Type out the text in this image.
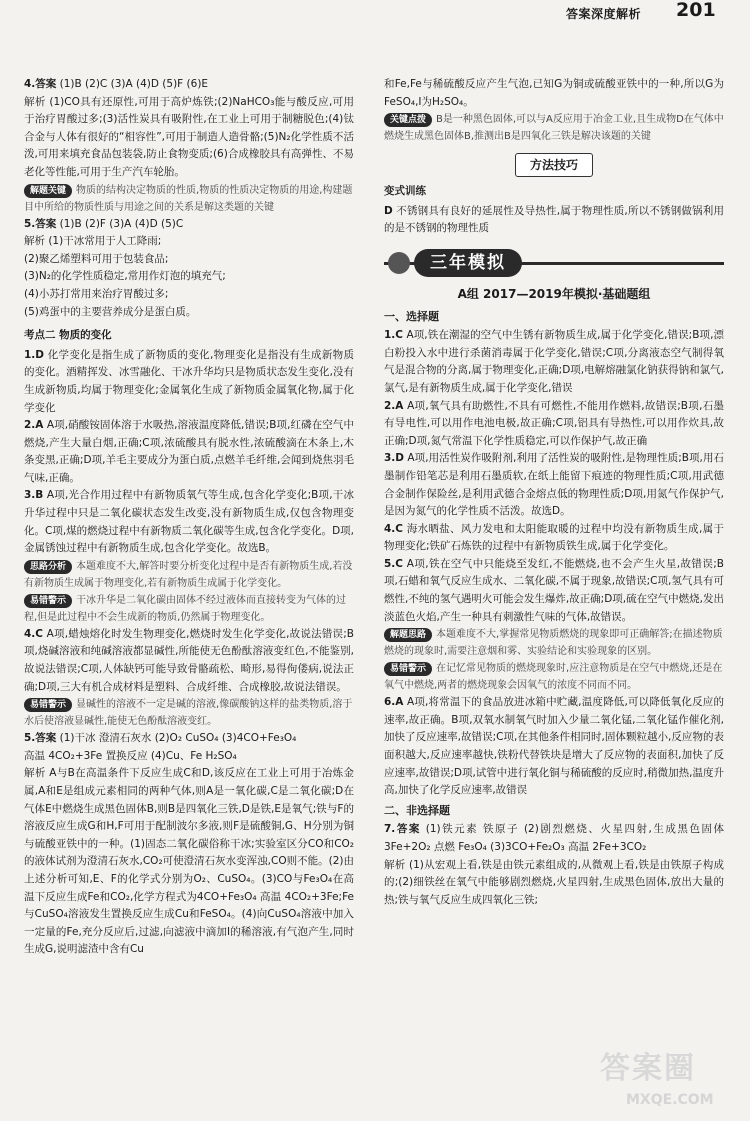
答案深度解析 201

4.答案 (1)B (2)C (3)A (4)D (5)F (6)E

解析 (1)CO具有还原性,可用于高炉炼铁;(2)NaHCO₃能与酸反应,可用于治疗胃酸过多;(3)活性炭具有吸附性,在工业上可用于制糖脱色;(4)钛合金与人体有很好的“相容性”,可用于制造人造骨骼;(5)N₂化学性质不活泼,可用来填充食品包装袋,防止食物变质;(6)合成橡胶具有高弹性、不易老化等性能,可用于生产汽车轮胎。

解题关键 物质的结构决定物质的性质,物质的性质决定物质的用途,构建题目中所给的物质性质与用途之间的关系是解这类题的关键

5.答案 (1)B (2)F (3)A (4)D (5)C

解析 (1)干冰常用于人工降雨;

(2)聚乙烯塑料可用于包装食品;

(3)N₂的化学性质稳定,常用作灯泡的填充气;

(4)小苏打常用来治疗胃酸过多;

(5)鸡蛋中的主要营养成分是蛋白质。

考点二 物质的变化

1.D 化学变化是指生成了新物质的变化,物理变化是指没有生成新物质的变化。酒精挥发、冰雪融化、干冰升华均只是物质状态发生变化,没有生成新物质,均属于物理变化;金属氧化生成了新物质金属氧化物,属于化学变化

2.A A项,硝酸铵固体溶于水吸热,溶液温度降低,错误;B项,红磷在空气中燃烧,产生大量白烟,正确;C项,浓硫酸具有脱水性,浓硫酸滴在木条上,木条变黑,正确;D项,羊毛主要成分为蛋白质,点燃羊毛纤维,会闻到烧焦羽毛气味,正确。

3.B A项,光合作用过程中有新物质氧气等生成,包含化学变化;B项,干冰升华过程中只是二氧化碳状态发生改变,没有新物质生成,仅包含物理变化。C项,煤的燃烧过程中有新物质二氧化碳等生成,包含化学变化。D项,金属锈蚀过程中有新物质生成,包含化学变化。故选B。

思路分析 本题难度不大,解答时要分析变化过程中是否有新物质生成,若没有新物质生成属于物理变化,若有新物质生成属于化学变化。

易错警示 干冰升华是二氧化碳由固体不经过液体而直接转变为气体的过程,但是此过程中不会生成新的物质,仍然属于物理变化。

4.C A项,蜡烛熔化时发生物理变化,燃烧时发生化学变化,故说法错误;B项,烧碱溶液和纯碱溶液都显碱性,所能使无色酚酞溶液变红色,不能鉴别,故说法错误;C项,人体缺钙可能导致骨骼疏松、畸形,易得佝偻病,说法正确;D项,三大有机合成材料是塑料、合成纤维、合成橡胶,故说法错误。

易错警示 显碱性的溶液不一定是碱的溶液,像碳酸钠这样的盐类物质,溶于水后使溶液显碱性,能使无色酚酞溶液变红。

5.答案 (1)干冰 澄清石灰水 (2)O₂ CuSO₄ (3)4CO+Fe₃O₄

高温 4CO₂+3Fe 置换反应 (4)Cu、Fe H₂SO₄

解析 A与B在高温条件下反应生成C和D,该反应在工业上可用于冶炼金属,A和E是组成元素相同的两种气体,则A是一氧化碳,C是二氧化碳;D在气体E中燃烧生成黑色固体B,则B是四氧化三铁,D是铁,E是氧气;铁与F的溶液反应生成G和H,F可用于配制波尔多液,则F是硫酸铜,G、H分别为铜与硫酸亚铁中的一种。(1)固态二氧化碳俗称干冰;实验室区分CO和CO₂的液体试剂为澄清石灰水,CO₂可使澄清石灰水变浑浊,CO则不能。(2)由上述分析可知,E、F的化学式分别为O₂、CuSO₄。(3)CO与Fe₃O₄在高温下反应生成Fe和CO₂,化学方程式为4CO+Fe₃O₄ 高温 4CO₂+3Fe;Fe与CuSO₄溶液发生置换反应生成Cu和FeSO₄。(4)向CuSO₄溶液中加入一定量的Fe,充分反应后,过滤,向滤液中滴加I的稀溶液,有气泡产生,同时生成G,说明滤渣中含有Cu

和Fe,Fe与稀硫酸反应产生气泡,已知G为铜或硫酸亚铁中的一种,所以G为FeSO₄,I为H₂SO₄。

关键点拨 B是一种黑色固体,可以与A反应用于冶金工业,且生成物D在气体中燃烧生成黑色固体B,推测出B是四氧化三铁是解决该题的关键

方法技巧
变式训练

D 不锈钢具有良好的延展性及导热性,属于物理性质,所以不锈钢做锅利用的是不锈钢的物理性质

三年模拟
A组 2017—2019年模拟·基础题组
一、选择题

1.C A项,铁在潮湿的空气中生锈有新物质生成,属于化学变化,错误;B项,漂白粉投入水中进行杀菌消毒属于化学变化,错误;C项,分离液态空气制得氧气是混合物的分离,属于物理变化,正确;D项,电解熔融氯化钠获得钠和氯气,氯气,是有新物质生成,属于化学变化,错误

2.A A项,氧气具有助燃性,不具有可燃性,不能用作燃料,故错误;B项,石墨有导电性,可以用作电池电极,故正确;C项,铝具有导热性,可以用作炊具,故正确;D项,氮气常温下化学性质稳定,可以作保护气,故正确

3.D A项,用活性炭作吸附剂,利用了活性炭的吸附性,是物理性质;B项,用石墨制作铅笔芯是利用石墨质软,在纸上能留下痕迹的物理性质;C项,用武德合金制作保险丝,是利用武德合金熔点低的物理性质;D项,用氮气作保护气,是因为氮气的化学性质不活泼。故选D。

4.C 海水晒盐、风力发电和太阳能取暖的过程中均没有新物质生成,属于物理变化;铁矿石炼铁的过程中有新物质铁生成,属于化学变化。

5.C A项,铁在空气中只能烧至发红,不能燃烧,也不会产生火星,故错误;B项,石蜡和氧气反应生成水、二氧化碳,不属于现象,故错误;C项,氢气具有可燃性,不纯的氢气遇明火可能会发生爆炸,故正确;D项,硫在空气中燃烧,发出淡蓝色火焰,产生一种具有刺激性气味的气体,故错误。

解题思路 本题难度不大,掌握常见物质燃烧的现象即可正确解答;在描述物质燃烧的现象时,需要注意烟和雾、实验结论和实验现象的区别。

易错警示 在记忆常见物质的燃烧现象时,应注意物质是在空气中燃烧,还是在氧气中燃烧,两者的燃烧现象会因氧气的浓度不同而不同。

6.A A项,将常温下的食品放进冰箱中贮藏,温度降低,可以降低氧化反应的速率,故正确。B项,双氧水制氧气时加入少量二氧化锰,二氧化锰作催化剂,加快了反应速率,故错误;C项,在其他条件相同时,固体颗粒越小,反应物的表面积越大,反应速率越快,铁粉代替铁块是增大了反应物的表面积,加快了反应速率,故错误;D项,试管中进行氧化铜与稀硫酸的反应时,稍微加热,温度升高,加快了化学反应速率,故错误

二、非选择题

7.答案 (1)铁元素 铁原子 (2)剧烈燃烧、火星四射,生成黑色固体 3Fe+2O₂ 点燃 Fe₃O₄ (3)3CO+Fe₂O₃ 高温 2Fe+3CO₂

解析 (1)从宏观上看,铁是由铁元素组成的,从微观上看,铁是由铁原子构成的;(2)细铁丝在氧气中能够剧烈燃烧,火星四射,生成黑色固体,放出大量的热;铁与氧气反应生成四氧化三铁;

答案圈
MXQE.COM
